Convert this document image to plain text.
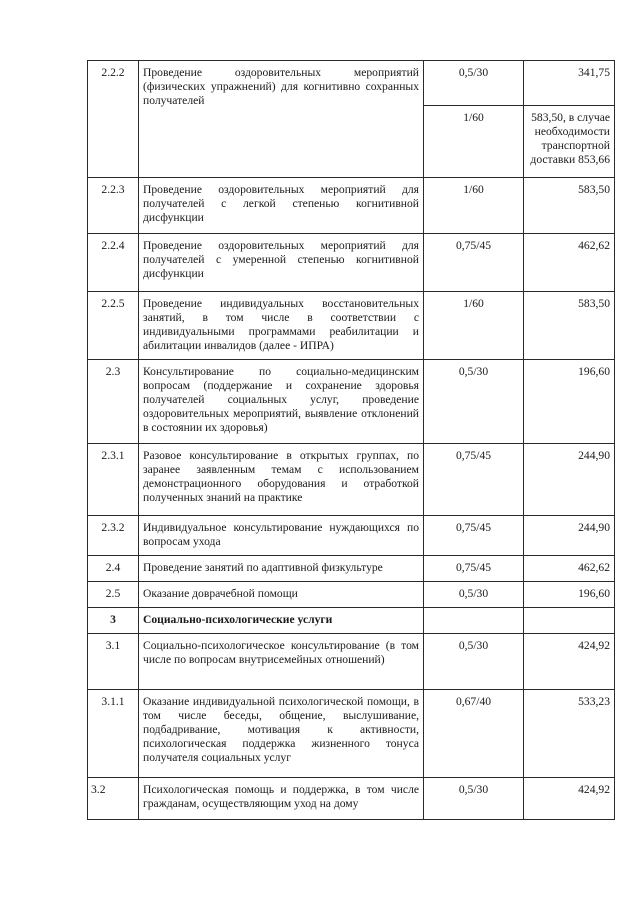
2.2.2	Проведение оздоровительных мероприятий (физических упражнений) для когнитивно сохранных получателей	0,5/30	341,75
		1/60	583,50, в случае необходимости транспортной доставки 853,66
2.2.3	Проведение оздоровительных мероприятий для получателей с легкой степенью когнитивной дисфункции	1/60	583,50
2.2.4	Проведение оздоровительных мероприятий для получателей с умеренной степенью когнитивной дисфункции	0,75/45	462,62
2.2.5	Проведение индивидуальных восстановительных занятий, в том числе в соответствии с индивидуальными программами реабилитации и абилитации инвалидов (далее - ИПРА)	1/60	583,50
2.3	Консультирование по социально-медицинским вопросам (поддержание и сохранение здоровья получателей социальных услуг, проведение оздоровительных мероприятий, выявление отклонений в состоянии их здоровья)	0,5/30	196,60
2.3.1	Разовое консультирование в открытых группах, по заранее заявленным темам с использованием демонстрационного оборудования и отработкой полученных знаний на практике	0,75/45	244,90
2.3.2	Индивидуальное консультирование нуждающихся по вопросам ухода	0,75/45	244,90
2.4	Проведение занятий по адаптивной физкультуре	0,75/45	462,62
2.5	Оказание доврачебной помощи	0,5/30	196,60
3	Социально-психологические услуги		
3.1	Социально-психологическое консультирование (в том числе по вопросам внутрисемейных отношений)	0,5/30	424,92
3.1.1	Оказание индивидуальной психологической помощи, в том числе беседы, общение, выслушивание, подбадривание, мотивация к активности, психологическая поддержка жизненного тонуса получателя социальных услуг	0,67/40	533,23
3.2	Психологическая помощь и поддержка, в том числе гражданам, осуществляющим уход на дому	0,5/30	424,92
